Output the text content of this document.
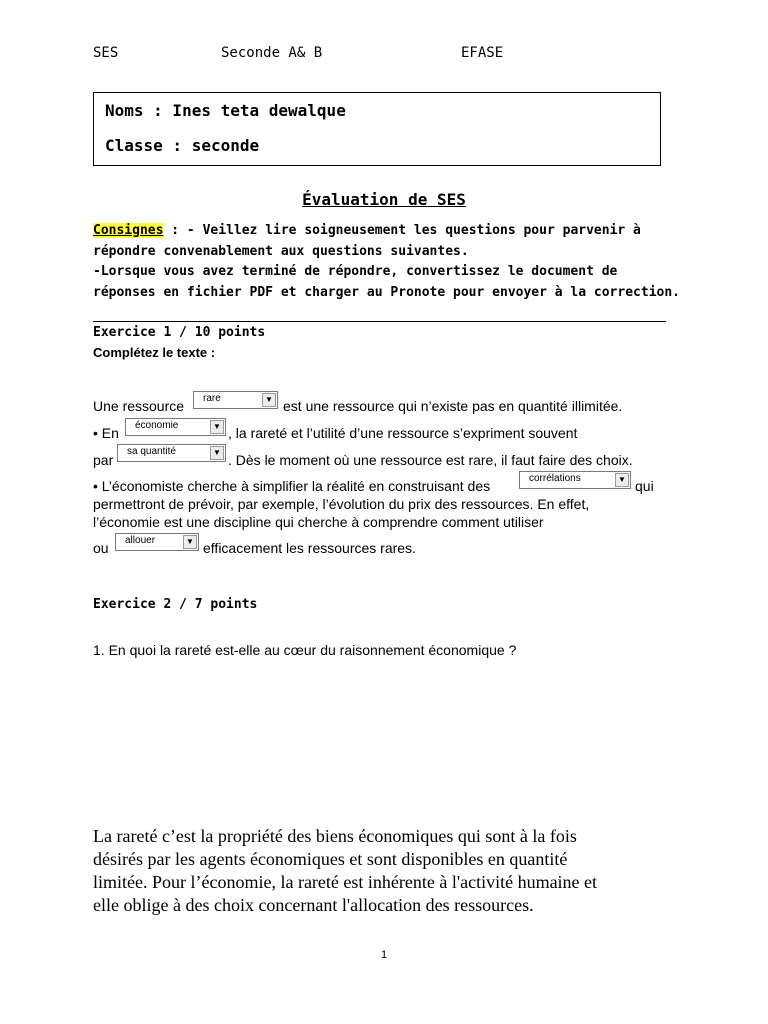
SES	Seconde A& B	EFASE
Noms : Ines teta dewalque
Classe : seconde
Évaluation de SES
Consignes : - Veillez lire soigneusement les questions pour parvenir à
répondre convenablement aux questions suivantes.
-Lorsque vous avez terminé de répondre, convertissez le document de
réponses en fichier PDF et charger au Pronote pour envoyer à la correction.
Exercice 1 / 10 points
Complétez le texte :
Une ressource rare	▼ est une ressource qui n’existe pas en quantité illimitée.
• En économie	▼ , la rareté et l’utilité d’une ressource s’expriment souvent
par
sa quantité	▼ . Dès le moment où une ressource est rare, il faut faire des choix.
• L’économiste cherche à simplifier la réalité en construisant des	corrélations	▼ qui
permettront de prévoir, par exemple, l’évolution du prix des ressources. En effet,
l’économie est une discipline qui cherche à comprendre comment utiliser
ou allouer	▼ efficacement les ressources rares.
Exercice 2 / 7 points
1. En quoi la rareté est-elle au cœur du raisonnement économique ?
La rareté c’est la propriété des biens économiques qui sont à la fois
désirés par les agents économiques et sont disponibles en quantité
limitée. Pour l’économie, la rareté est inhérente à l'activité humaine et
elle oblige à des choix concernant l'allocation des ressources.
1
